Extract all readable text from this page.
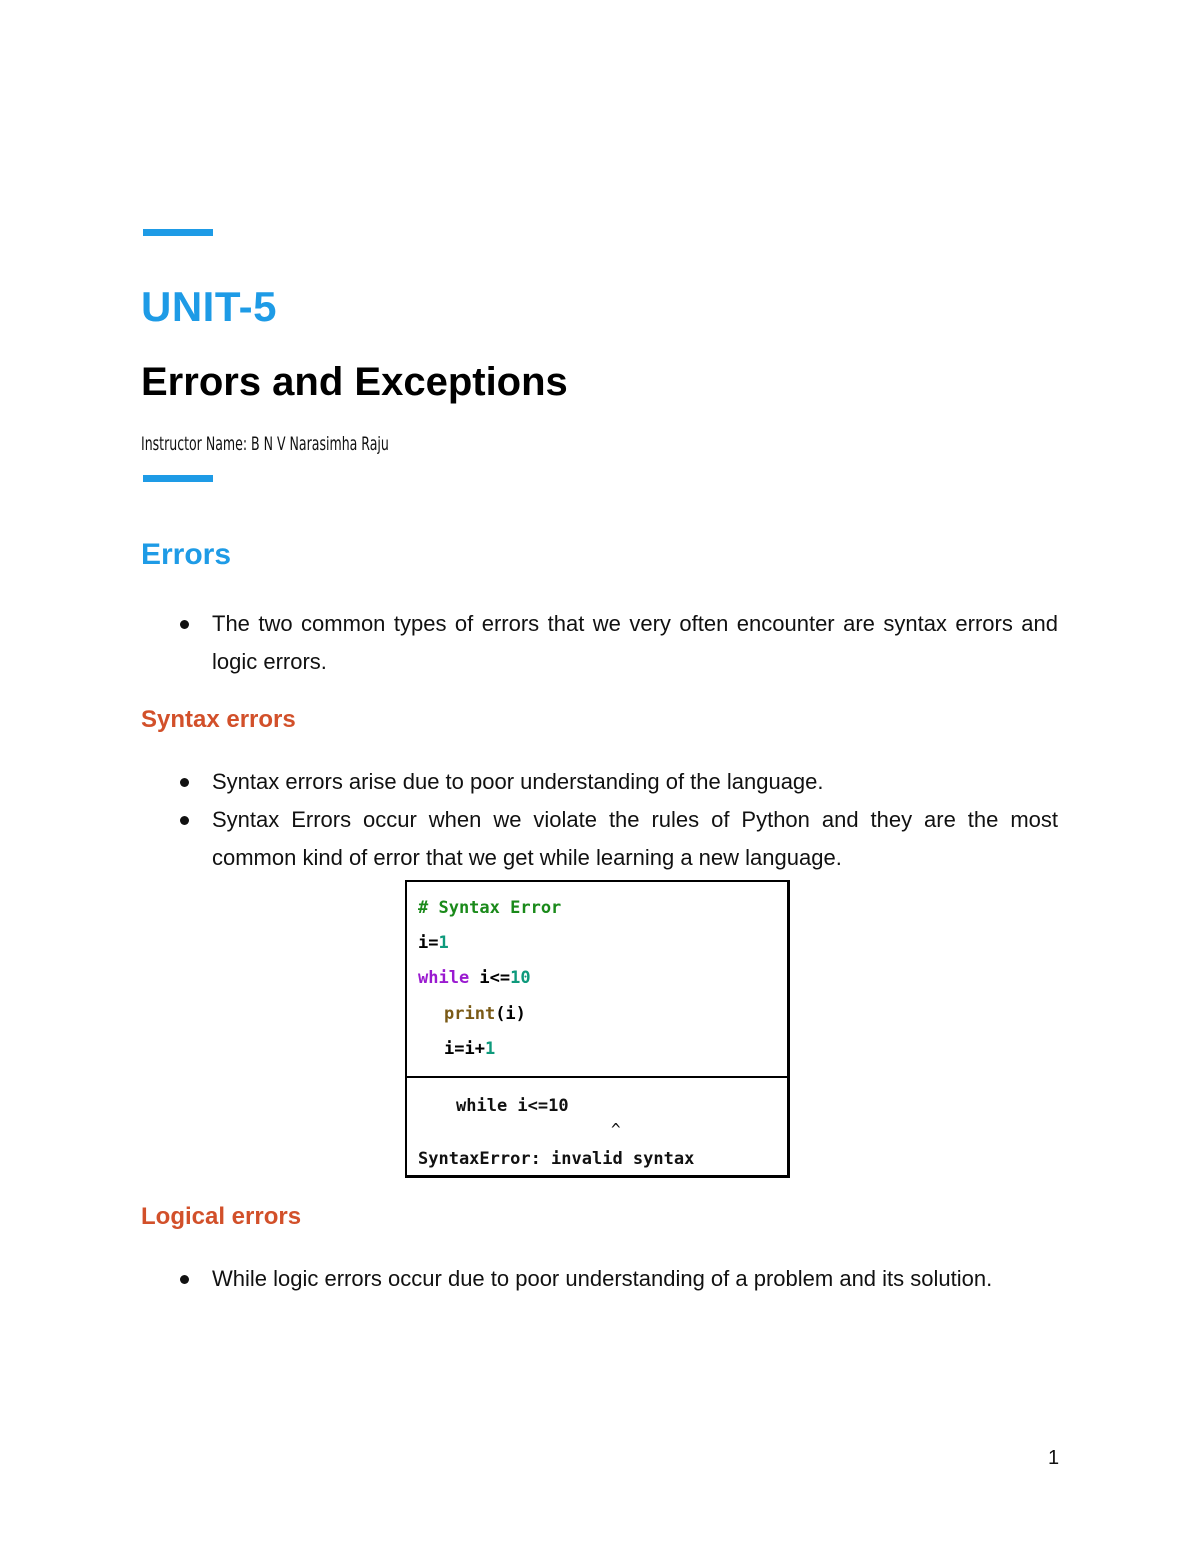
UNIT-5
Errors and Exceptions

Instructor Name: B N V Narasimha Raju

Errors
The two common types of errors that we very often encounter are syntax errors and logic errors.
Syntax errors
Syntax errors arise due to poor understanding of the language.
Syntax Errors occur when we violate the rules of Python and they are the most common kind of error that we get while learning a new language.
# Syntax Error
i=1
while i<=10
print(i)
i=i+1
while i<=10
^
SyntaxError: invalid syntax
Logical errors
While logic errors occur due to poor understanding of a problem and its solution.
1
